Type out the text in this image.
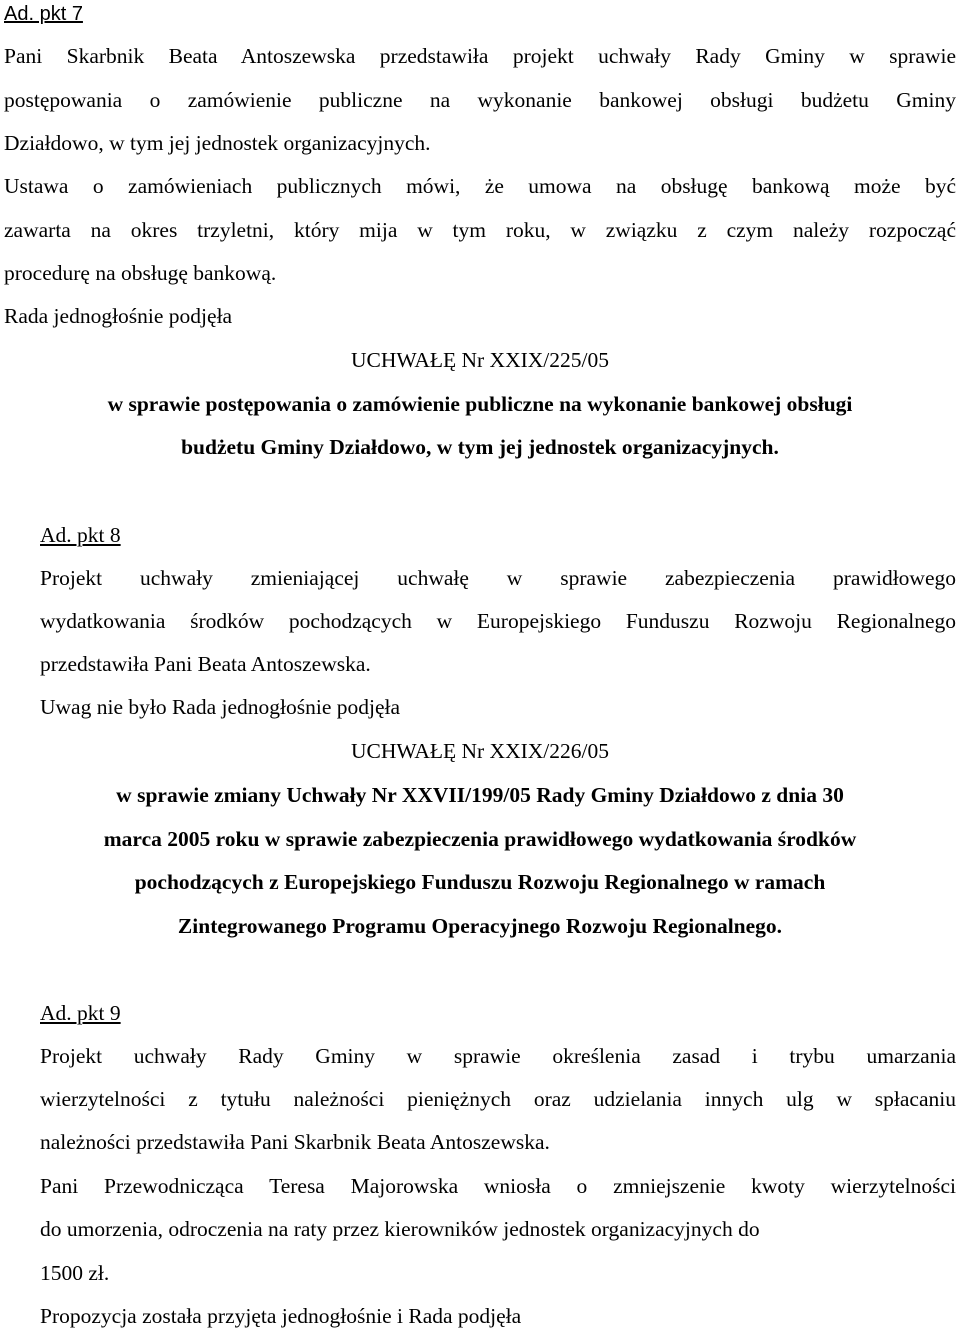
Ad. pkt 7
Pani Skarbnik Beata Antoszewska przedstawiła projekt uchwały Rady Gminy w sprawie
postępowania o zamówienie publiczne na wykonanie bankowej obsługi budżetu Gminy
Działdowo, w tym jej jednostek organizacyjnych.
Ustawa o zamówieniach publicznych mówi, że umowa na obsługę bankową może być
zawarta na okres trzyletni, który mija w tym roku, w związku z czym należy rozpocząć
procedurę na obsługę bankową.
Rada jednogłośnie podjęła
UCHWAŁĘ Nr XXIX/225/05
w sprawie postępowania o zamówienie publiczne na wykonanie bankowej obsługi
budżetu Gminy Działdowo, w tym jej jednostek organizacyjnych.
Ad. pkt 8
Projekt uchwały zmieniającej uchwałę w sprawie zabezpieczenia prawidłowego
wydatkowania środków pochodzących w Europejskiego Funduszu Rozwoju Regionalnego
przedstawiła Pani Beata Antoszewska.
Uwag nie było Rada jednogłośnie podjęła
UCHWAŁĘ Nr XXIX/226/05
w sprawie zmiany Uchwały Nr XXVII/199/05 Rady Gminy Działdowo z dnia 30
marca 2005 roku w sprawie zabezpieczenia prawidłowego wydatkowania środków
pochodzących z Europejskiego Funduszu Rozwoju Regionalnego w ramach
Zintegrowanego Programu Operacyjnego Rozwoju Regionalnego.
Ad. pkt 9
Projekt uchwały Rady Gminy w sprawie określenia zasad i trybu umarzania
wierzytelności z tytułu należności pieniężnych oraz udzielania innych ulg w spłacaniu
należności przedstawiła Pani Skarbnik Beata Antoszewska.
Pani Przewodnicząca Teresa Majorowska wniosła o zmniejszenie kwoty wierzytelności
do umorzenia, odroczenia na raty przez kierowników jednostek organizacyjnych do
1500 zł.
Propozycja została przyjęta jednogłośnie i Rada podjęła
